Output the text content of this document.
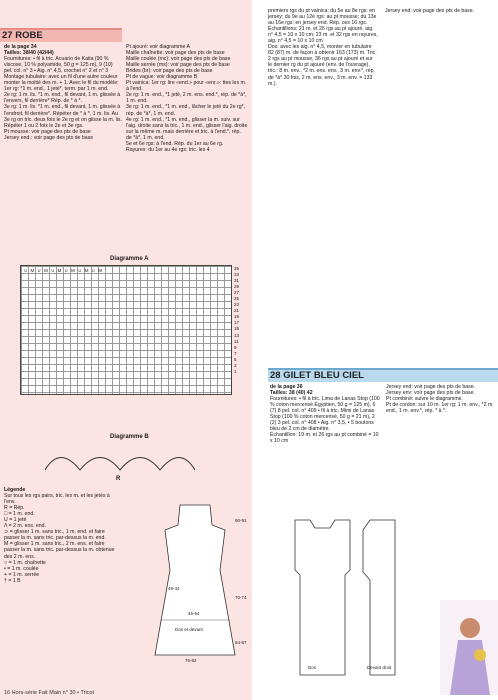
27 ROBE

de la page 34

Tailles: 38/40 (42/44)

Fournitures: • fil à tric. Acuario de Katia (90 % viscose, 10 % polyamide, 50 g = 125 m), 9 (10) pel. col. n° 3 • Aig. n° 4,5, crochet n° 2 et n° 3

Montage tubulaire: avec un fil d'une autre couleur monter la moitié des m. + 1. Avec le fil du modèle:

1er rg: *1 m. end., 1 jeté*, term. par 1 m. end.

2e rg: 1 m. lis. *1 m. end., fil devant, 1 m. glissée à l'envers, fil derrière* Rép. de * à *.

3e rg: 1 m. lis. *1 m. end., fil devant, 1 m. glissée à l'endroit, fil derrière*. Répéter de * à *, 1 m. lis. Au 3e rg on tric. deux fois le 2e rg et on glisse la m. lis. Répéter 1 ou 2 fois le 2e et 3e rgs.

Pt mousse: voir page des pts de base

Jersey end.: voir page des pts de base

Pt ajouré: voir diagramme A

Maille chaînette: voir page des pts de base

Maille coulée (mc): voir page des pts de base

Maille serrée (ms): voir page des pts de base

Brides (br): voir page des pts de base

Pt de vague: voir diagramme B

Pt vainica: 1er rg: lire «end.» pour «enr.»: ttes les m. à l'end.

2e rg: 1 m. end., *1 jeté, 2 m. ens. end.*, rép. de *à*, 1 m. end.

3e rg: 1 m. end., *1 m. end., lâcher le jeté du 2e rg*, rép. de *à*, 1 m. end.

4e rg: 1 m. end., *1 m. end., glisser la m. suiv. sur l'aig. droite sans la tric., 1 m. end., glisser l'aig. droite sur la même m. mais derrière et tric. à l'end.*, rép. de *à*, 1 m. end.

5e et 6e rgs: à l'end. Rép. du 1er au 6e rg.

Rayures: du 1er au 4e rgs: tric. les 4

Diagramme A

35

33

31

29

27

25

23

21

19

17

15

13

11

9

7

5

3

1

∪ M ∪ M ∪ M ∪ M ∪ M ∪ M
Diagramme B
R

Légende

Sur tous les rgs pairs, tric. les m. et les jetés à l'env.

R = Rép.

□ = 1 m. end.

U = 1 jeté

Λ = 2 m. ens. end.

⊃ = glisser 1 m. sans tric., 1 m. end. et faire passer la m. sans tric. par-dessus la m. end.

M = glisser 1 m. sans tric., 2 m. ens. et faire passer la m. sans tric. par-dessus la m. obtenue des 2 m. ens.

○ = 1 m. chaînette

• = 1 m. coulée

+ = 1 m. serrée

† = 1 B

Dos et devant
90-91
48-44
70-74
45-54
54-57
76-82

premiers rgs du pt vainica; du 5e au 8e rgs: en jersey; du 9e au 12e rgs: au pt mousse; du 13e au 16e rgs: en jersey end. Rép. ces 16 rgs.

Échantillons: 21 m. et 26 rgs au pt ajouré, aig. n° 4,5 = 10 x 10 cm; 23 m. et 32 rgs en rayures, aig. n° 4,5 = 10 x 10 cm

Dos: avec les aig. n° 4,5, monter en tubulaire 82 (87) m. de façon à obtenir 163 (173) m. Tric. 2 rgs au pt mousse, 36 rgs au pt ajouré et sur le dernier rg du pt ajouré (env. de l'ouvrage), tric.: 8 m. env., *2 m. ens. env., 3 m. env.*, rép. de *à* 30 fois, 2 m. ens. env., 3 m. env. = 133 m.).

Jersey end: voir page des pts de base.

28 GILET BLEU CIEL

de la page 36

Tailles: 38 (40) 42

Fournitures: • fil à tric. Lima de Lanas Stop (100 % coton mercerisé Égyptien, 50 g = 125 m), 6 (7) 8 pel. col. n° 409 • fil à tric. Mimi de Lanas Stop (100 % coton mercerisé, 50 g = 21 m), 2 (2) 3 pel. col. n° 408 • Aig. n° 3,5, • 5 boutons bleu de 2 cm de diamètre.

Échantillon: 19 m. et 26 rgs au pt combiné = 10 x 10 cm

Jersey end: voir page des pts de base.

Jersey env: voir page des pts de base.

Pt combiné: suivre le diagramme.

Pt de cordon: sur 10 m. 1er rg: 1 m. env., *2 m. end., 1 m. env.*, rép. * à *.

Dos	Devant droit
16 Hors-série Fait Main n° 30 • Tricot
